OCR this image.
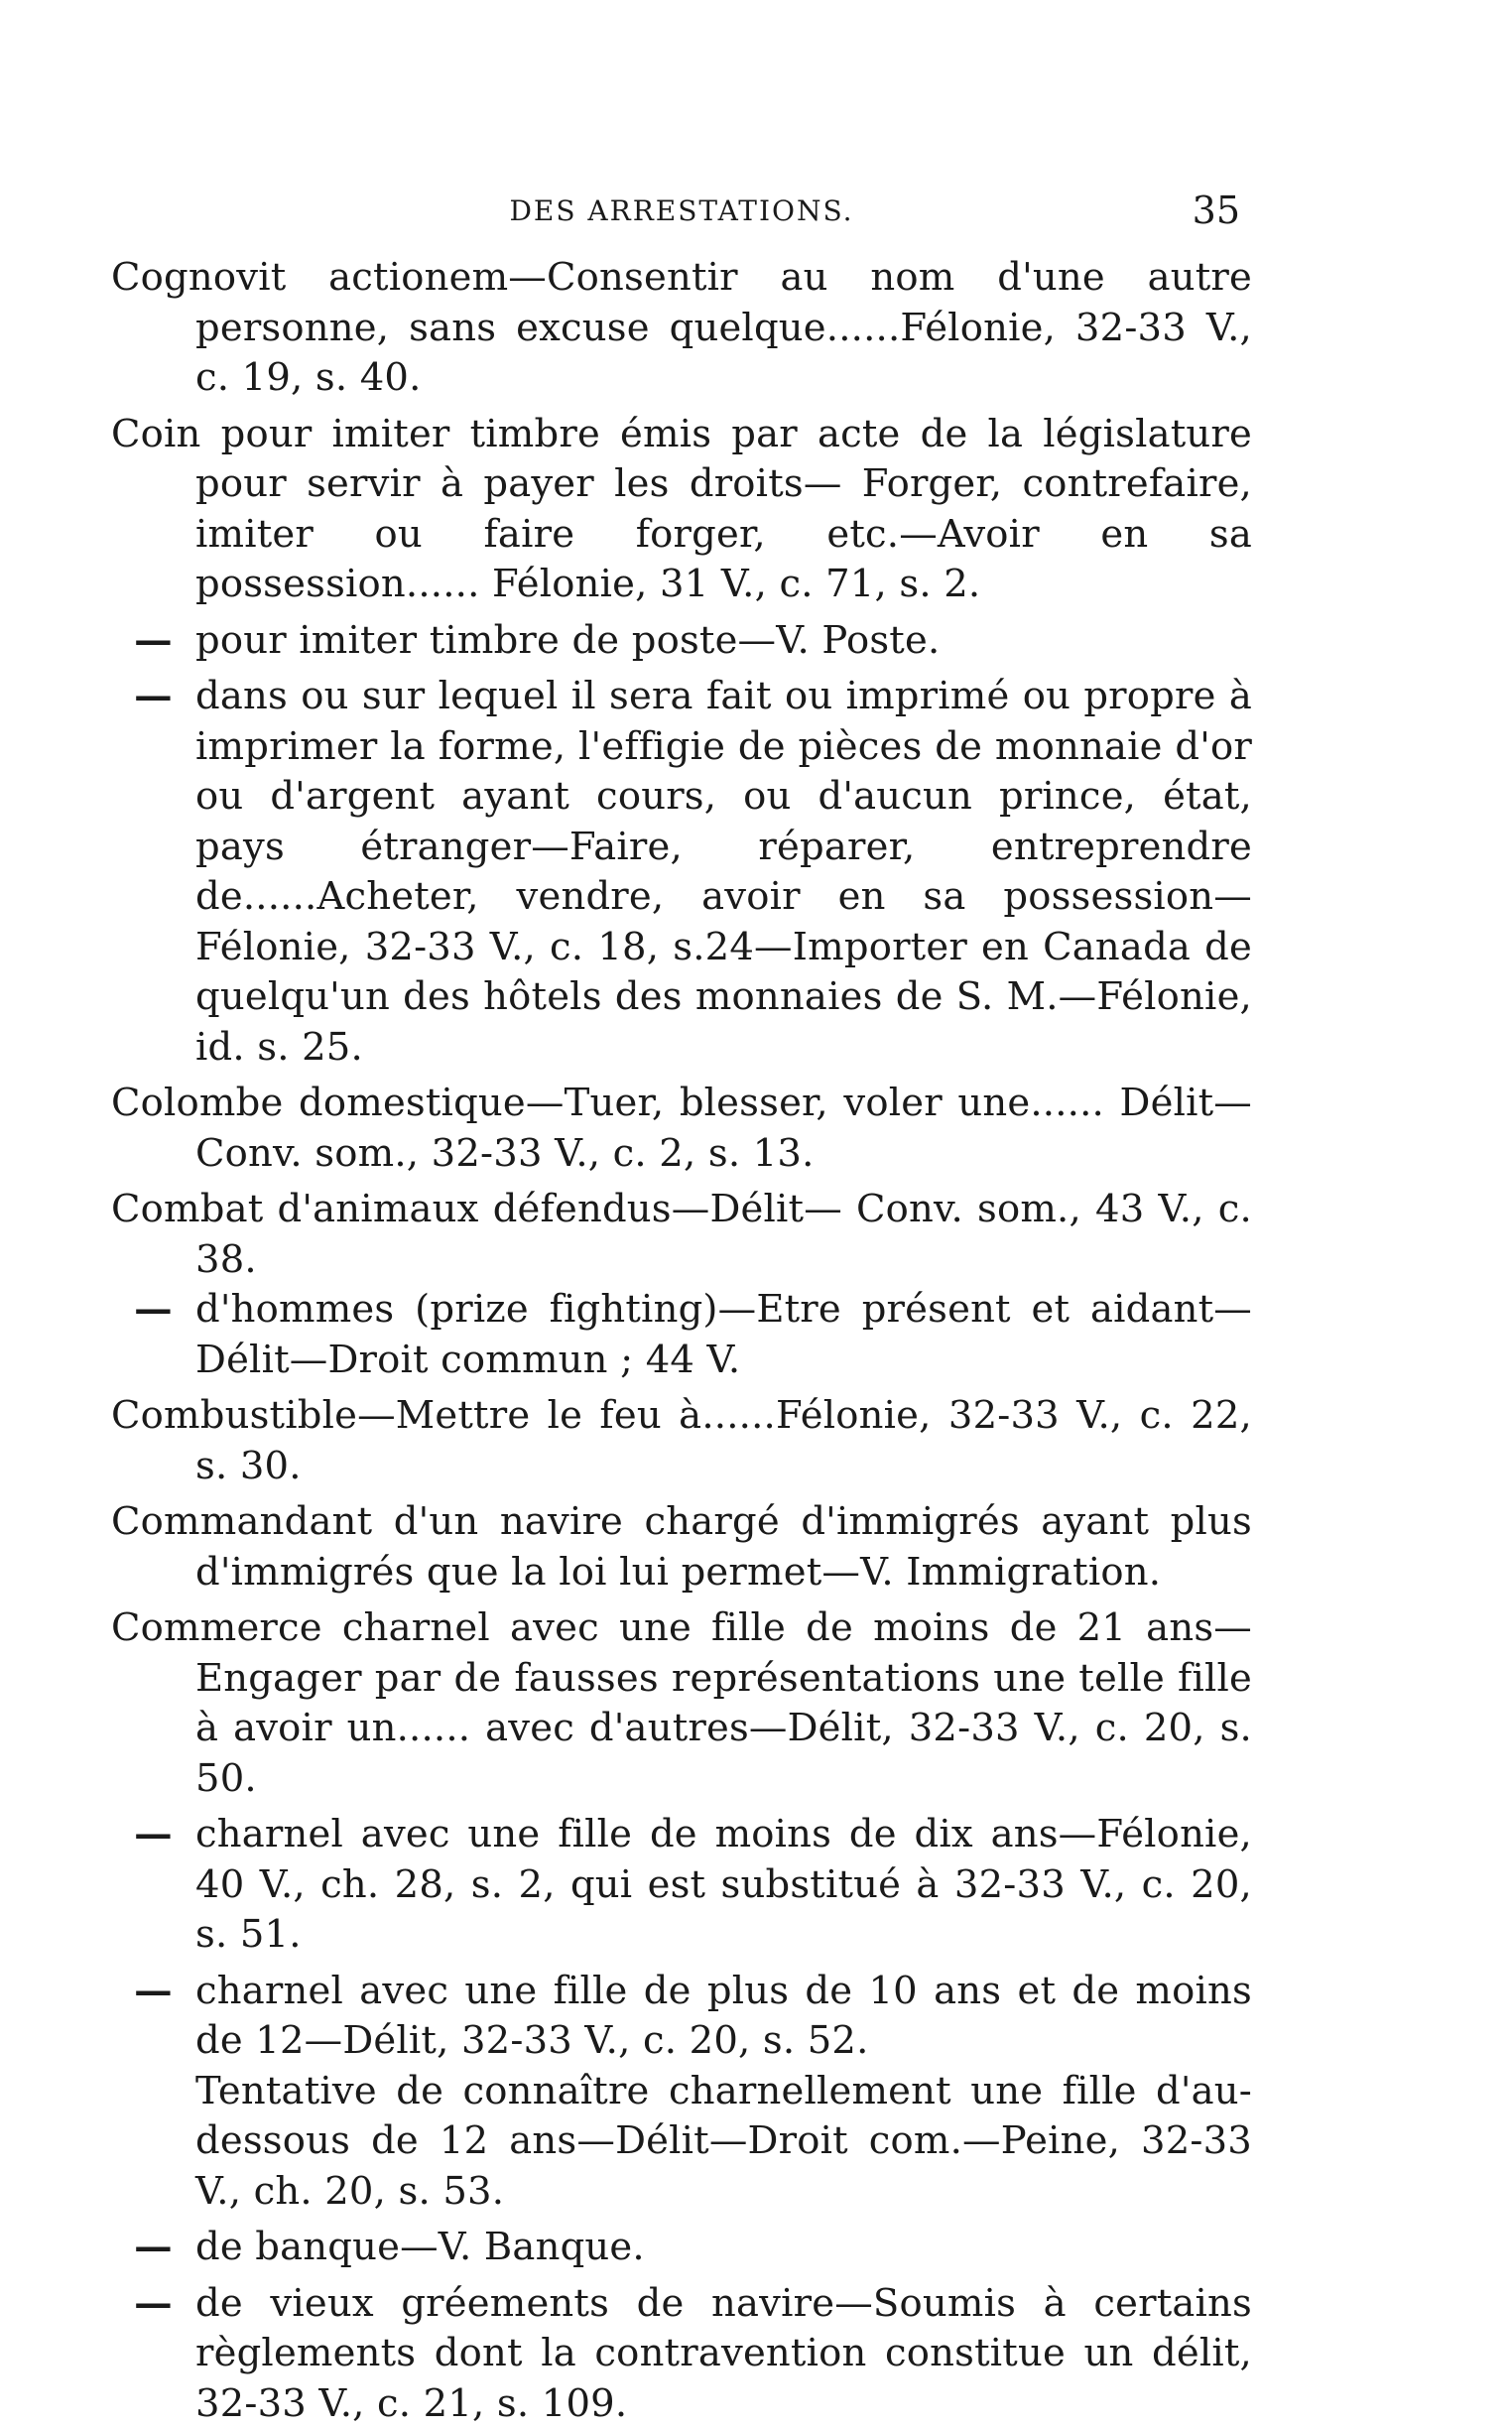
DES ARRESTATIONS.	35

Cognovit actionem—Consentir au nom d'une autre personne, sans excuse quelque......Félonie, 32-33 V., c. 19, s. 40.

Coin pour imiter timbre émis par acte de la législature pour servir à payer les droits— Forger, contrefaire, imiter ou faire forger, etc.—Avoir en sa possession...... Félonie, 31 V., c. 71, s. 2.

— pour imiter timbre de poste—V. Poste.

— dans ou sur lequel il sera fait ou imprimé ou propre à imprimer la forme, l'effigie de pièces de monnaie d'or ou d'argent ayant cours, ou d'aucun prince, état, pays étranger—Faire, réparer, entreprendre de......Acheter, vendre, avoir en sa possession—Félonie, 32-33 V., c. 18, s.24—Importer en Canada de quelqu'un des hôtels des monnaies de S. M.—Félonie, id. s. 25.

Colombe domestique—Tuer, blesser, voler une...... Délit—Conv. som., 32-33 V., c. 2, s. 13.

Combat d'animaux défendus—Délit— Conv. som., 43 V., c. 38.

— d'hommes (prize fighting)—Etre présent et aidant—Délit—Droit commun ; 44 V.

Combustible—Mettre le feu à......Félonie, 32-33 V., c. 22, s. 30.

Commandant d'un navire chargé d'immigrés ayant plus d'immigrés que la loi lui permet—V. Immigration.

Commerce charnel avec une fille de moins de 21 ans—Engager par de fausses représentations une telle fille à avoir un...... avec d'autres—Délit, 32-33 V., c. 20, s. 50.

— charnel avec une fille de moins de dix ans—Félonie, 40 V., ch. 28, s. 2, qui est substitué à 32-33 V., c. 20, s. 51.

— charnel avec une fille de plus de 10 ans et de moins de 12—Délit, 32-33 V., c. 20, s. 52.

Tentative de connaître charnellement une fille d'au-dessous de 12 ans—Délit—Droit com.—Peine, 32-33 V., ch. 20, s. 53.

— de banque—V. Banque.

— de vieux gréements de navire—Soumis à certains règlements dont la contravention constitue un délit, 32-33 V., c. 21, s. 109.
